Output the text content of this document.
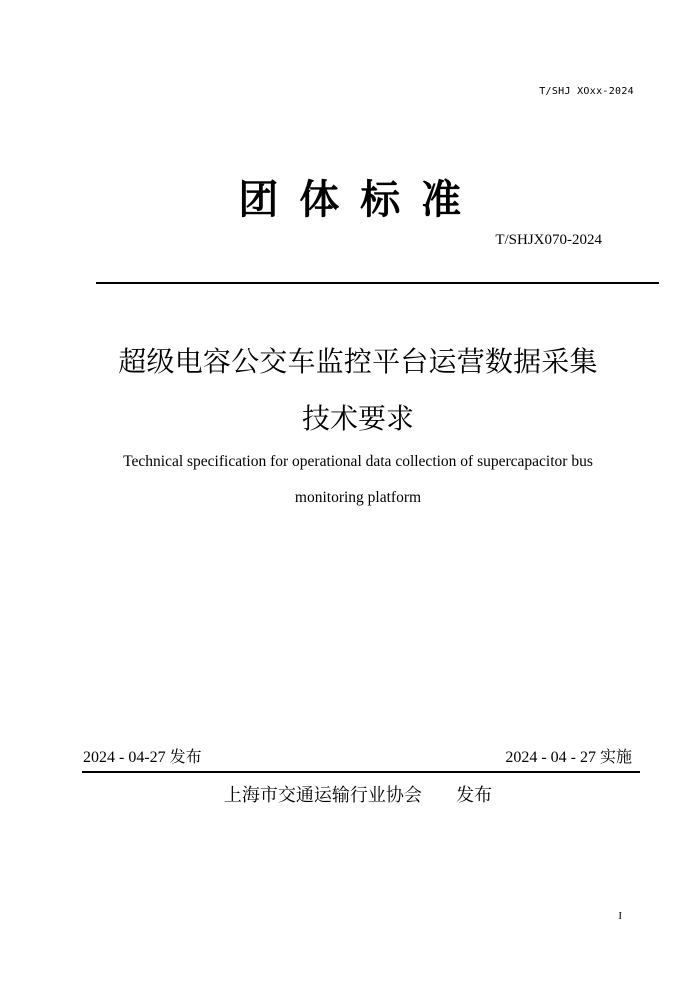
T/SHJ XOxx-2024
团 体 标 准
T/SHJX070-2024
超级电容公交车监控平台运营数据采集
技术要求
Technical specification for operational data collection of supercapacitor bus
monitoring platform
2024 - 04-27 发布	2024 - 04 - 27 实施
上海市交通运输行业协会      发布
I
